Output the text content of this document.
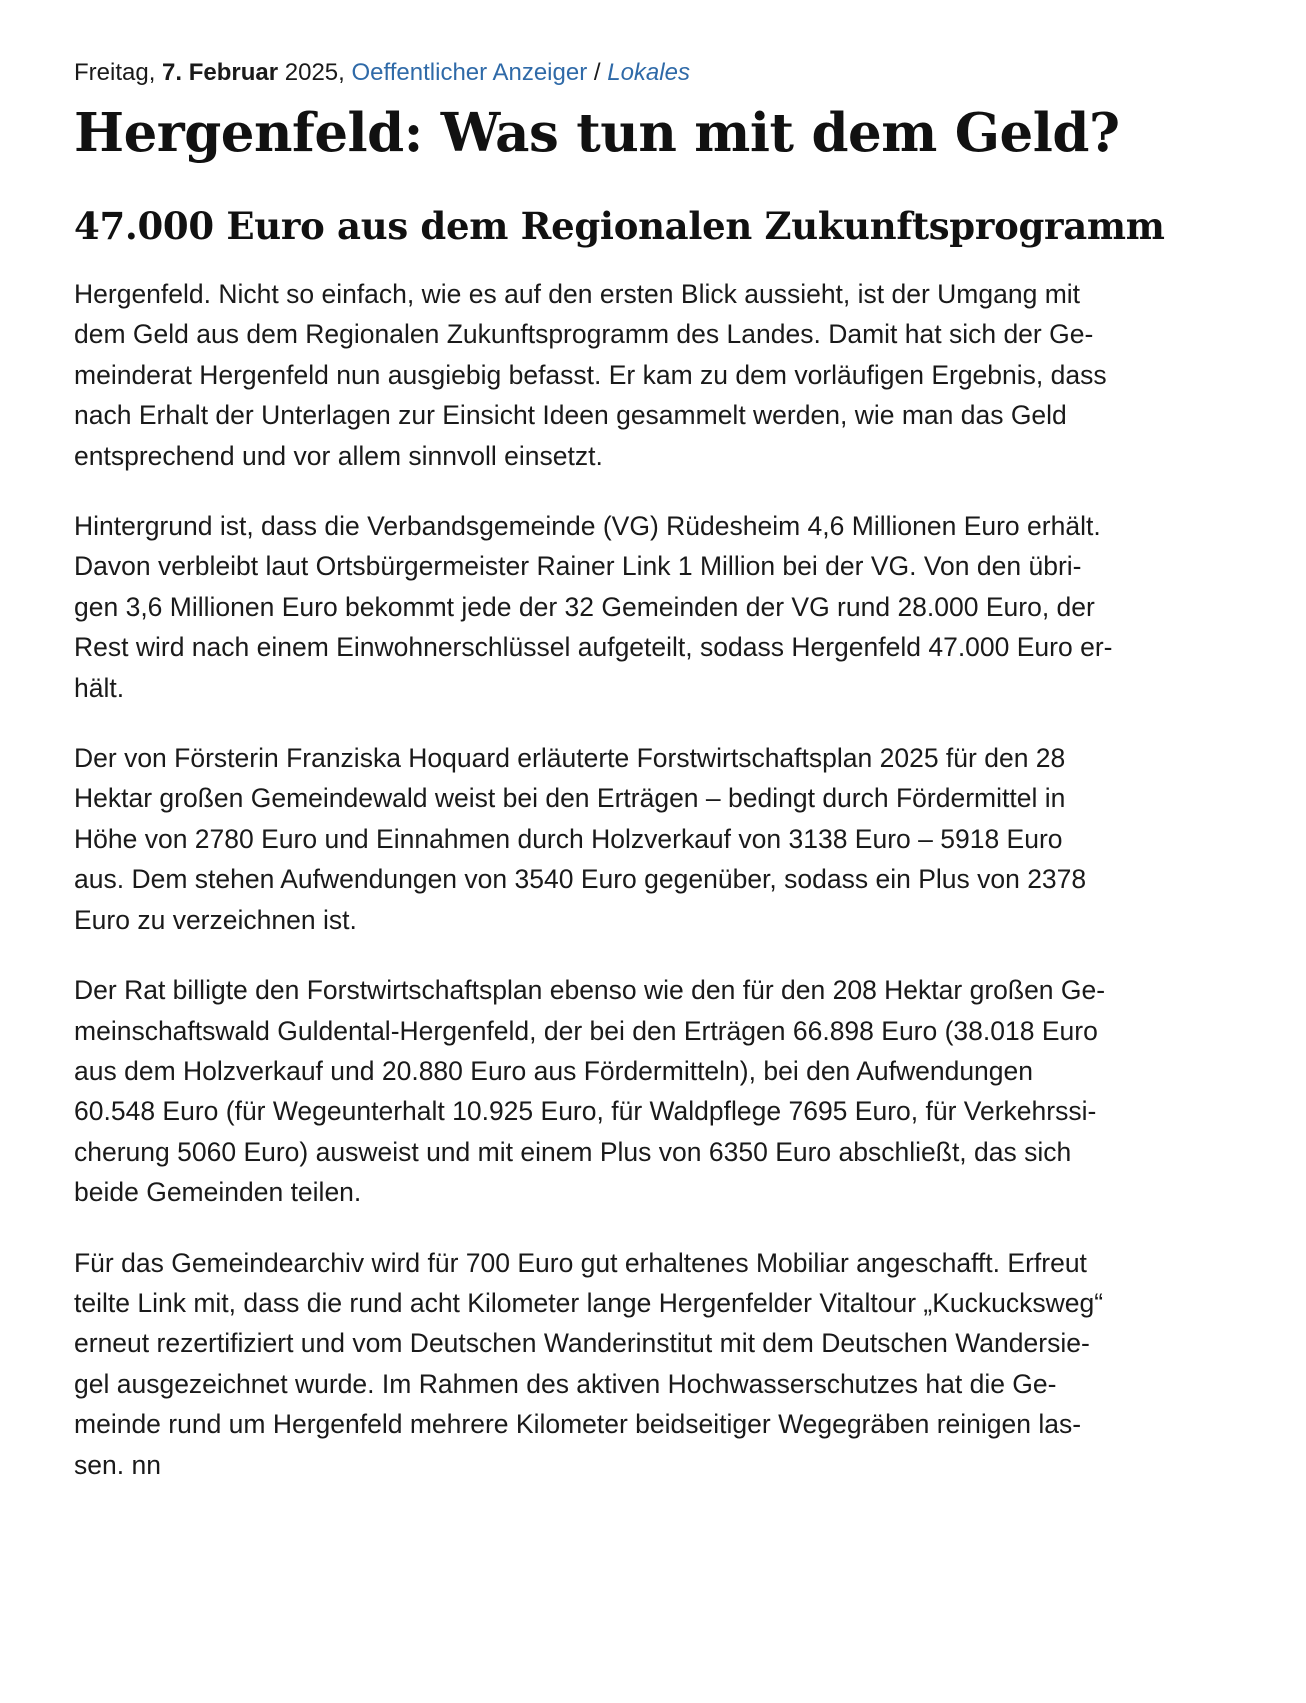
Freitag, 7. Februar 2025, Oeffentlicher Anzeiger / Lokales
Hergenfeld: Was tun mit dem Geld?
47.000 Euro aus dem Regionalen Zukunftsprogramm

Hergenfeld. Nicht so einfach, wie es auf den ersten Blick aussieht, ist der Umgang mit
dem Geld aus dem Regionalen Zukunftsprogramm des Landes. Damit hat sich der Ge-
meinderat Hergenfeld nun ausgiebig befasst. Er kam zu dem vorläufigen Ergebnis, dass
nach Erhalt der Unterlagen zur Einsicht Ideen gesammelt werden, wie man das Geld
entsprechend und vor allem sinnvoll einsetzt.

Hintergrund ist, dass die Verbandsgemeinde (VG) Rüdesheim 4,6 Millionen Euro erhält.
Davon verbleibt laut Ortsbürgermeister Rainer Link 1 Million bei der VG. Von den übri-
gen 3,6 Millionen Euro bekommt jede der 32 Gemeinden der VG rund 28.000 Euro, der
Rest wird nach einem Einwohnerschlüssel aufgeteilt, sodass Hergenfeld 47.000 Euro er-
hält.

Der von Försterin Franziska Hoquard erläuterte Forstwirtschaftsplan 2025 für den 28
Hektar großen Gemeindewald weist bei den Erträgen – bedingt durch Fördermittel in
Höhe von 2780 Euro und Einnahmen durch Holzverkauf von 3138 Euro – 5918 Euro
aus. Dem stehen Aufwendungen von 3540 Euro gegenüber, sodass ein Plus von 2378
Euro zu verzeichnen ist.

Der Rat billigte den Forstwirtschaftsplan ebenso wie den für den 208 Hektar großen Ge-
meinschaftswald Guldental-Hergenfeld, der bei den Erträgen 66.898 Euro (38.018 Euro
aus dem Holzverkauf und 20.880 Euro aus Fördermitteln), bei den Aufwendungen
60.548 Euro (für Wegeunterhalt 10.925 Euro, für Waldpflege 7695 Euro, für Verkehrssi-
cherung 5060 Euro) ausweist und mit einem Plus von 6350 Euro abschließt, das sich
beide Gemeinden teilen.

Für das Gemeindearchiv wird für 700 Euro gut erhaltenes Mobiliar angeschafft. Erfreut
teilte Link mit, dass die rund acht Kilometer lange Hergenfelder Vitaltour „Kuckucksweg“
erneut rezertifiziert und vom Deutschen Wanderinstitut mit dem Deutschen Wandersie-
gel ausgezeichnet wurde. Im Rahmen des aktiven Hochwasserschutzes hat die Ge-
meinde rund um Hergenfeld mehrere Kilometer beidseitiger Wegegräben reinigen las-
sen. nn
